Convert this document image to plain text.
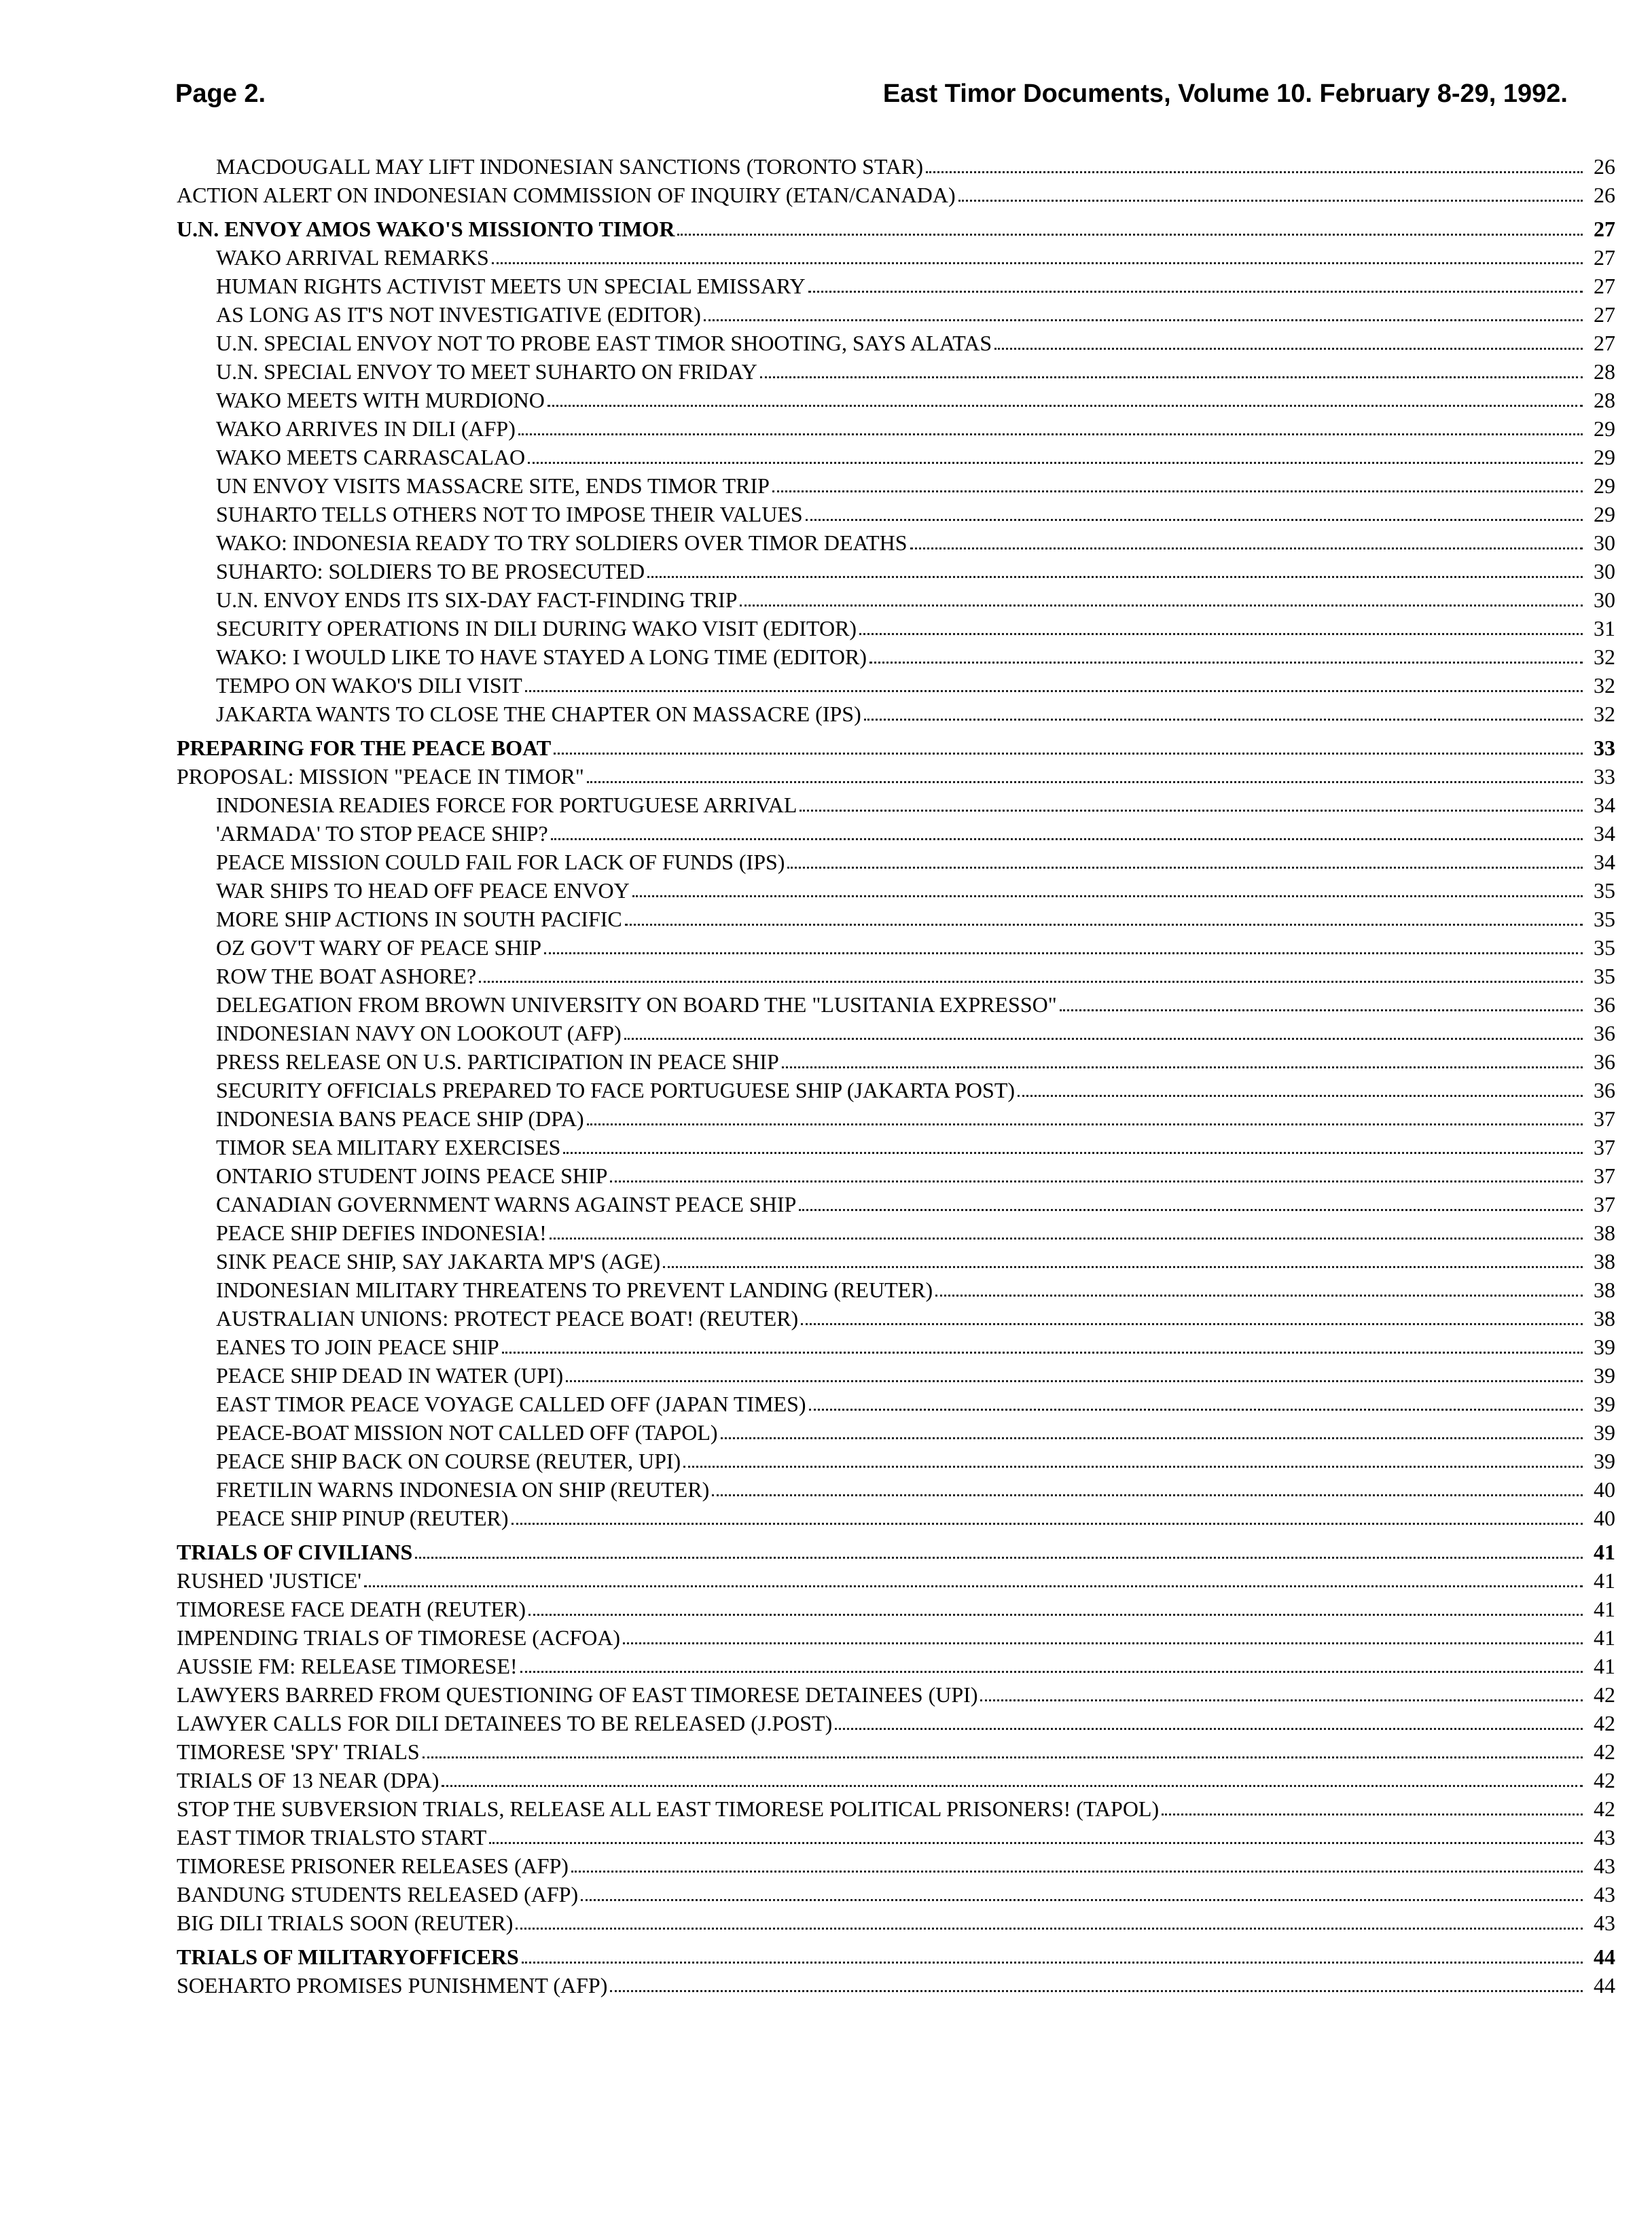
Page 2.	East Timor Documents, Volume 10. February 8-29, 1992.
MACDOUGALL MAY LIFT INDONESIAN SANCTIONS (TORONTO STAR)	26
ACTION ALERT ON INDONESIAN COMMISSION OF INQUIRY (ETAN/CANADA)	26
U.N. ENVOY AMOS WAKO'S MISSIONTO TIMOR	27
WAKO ARRIVAL REMARKS	27
HUMAN RIGHTS ACTIVIST MEETS UN SPECIAL EMISSARY	27
AS LONG AS IT'S NOT INVESTIGATIVE (EDITOR)	27
U.N. SPECIAL ENVOY NOT TO PROBE EAST TIMOR SHOOTING, SAYS ALATAS	27
U.N. SPECIAL ENVOY TO MEET SUHARTO ON FRIDAY	28
WAKO MEETS WITH MURDIONO	28
WAKO ARRIVES IN DILI (AFP)	29
WAKO MEETS CARRASCALAO	29
UN ENVOY VISITS MASSACRE SITE, ENDS TIMOR TRIP	29
SUHARTO TELLS OTHERS NOT TO IMPOSE THEIR VALUES	29
WAKO: INDONESIA READY TO TRY SOLDIERS OVER TIMOR DEATHS	30
SUHARTO: SOLDIERS TO BE PROSECUTED	30
U.N. ENVOY ENDS ITS SIX-DAY FACT-FINDING TRIP	30
SECURITY OPERATIONS IN DILI DURING WAKO VISIT (EDITOR)	31
WAKO: I WOULD LIKE TO HAVE STAYED A LONG TIME (EDITOR)	32
TEMPO ON WAKO'S DILI VISIT	32
JAKARTA WANTS TO CLOSE THE CHAPTER ON MASSACRE (IPS)	32
PREPARING FOR THE PEACE BOAT	33
PROPOSAL: MISSION "PEACE IN TIMOR"	33
INDONESIA READIES FORCE FOR PORTUGUESE ARRIVAL	34
'ARMADA' TO STOP PEACE SHIP?	34
PEACE MISSION COULD FAIL FOR LACK OF FUNDS (IPS)	34
WAR SHIPS TO HEAD OFF PEACE ENVOY	35
MORE SHIP ACTIONS IN SOUTH PACIFIC	35
OZ GOV'T WARY OF PEACE SHIP	35
ROW THE BOAT ASHORE?	35
DELEGATION FROM BROWN UNIVERSITY ON BOARD THE "LUSITANIA EXPRESSO"	36
INDONESIAN NAVY ON LOOKOUT (AFP)	36
PRESS RELEASE ON U.S. PARTICIPATION IN PEACE SHIP	36
SECURITY OFFICIALS PREPARED TO FACE PORTUGUESE SHIP (JAKARTA POST)	36
INDONESIA BANS PEACE SHIP (DPA)	37
TIMOR SEA MILITARY EXERCISES	37
ONTARIO STUDENT JOINS PEACE SHIP	37
CANADIAN GOVERNMENT WARNS AGAINST PEACE SHIP	37
PEACE SHIP DEFIES INDONESIA!	38
SINK PEACE SHIP, SAY JAKARTA MP'S (AGE)	38
INDONESIAN MILITARY THREATENS TO PREVENT LANDING (REUTER)	38
AUSTRALIAN UNIONS: PROTECT PEACE BOAT! (REUTER)	38
EANES TO JOIN PEACE SHIP	39
PEACE SHIP DEAD IN WATER (UPI)	39
EAST TIMOR PEACE VOYAGE CALLED OFF (JAPAN TIMES)	39
PEACE-BOAT MISSION NOT CALLED OFF (TAPOL)	39
PEACE SHIP BACK ON COURSE (REUTER, UPI)	39
FRETILIN WARNS INDONESIA ON SHIP (REUTER)	40
PEACE SHIP PINUP (REUTER)	40
TRIALS OF CIVILIANS	41
RUSHED 'JUSTICE'	41
TIMORESE FACE DEATH (REUTER)	41
IMPENDING TRIALS OF TIMORESE (ACFOA)	41
AUSSIE FM: RELEASE TIMORESE!	41
LAWYERS BARRED FROM QUESTIONING OF EAST TIMORESE DETAINEES (UPI)	42
LAWYER CALLS FOR DILI DETAINEES TO BE RELEASED (J.POST)	42
TIMORESE 'SPY' TRIALS	42
TRIALS OF 13 NEAR (DPA)	42
STOP THE SUBVERSION TRIALS, RELEASE ALL EAST TIMORESE POLITICAL PRISONERS! (TAPOL)	42
EAST TIMOR TRIALSTO START	43
TIMORESE PRISONER RELEASES (AFP)	43
BANDUNG STUDENTS RELEASED (AFP)	43
BIG DILI TRIALS SOON (REUTER)	43
TRIALS OF MILITARYOFFICERS	44
SOEHARTO PROMISES PUNISHMENT (AFP)	44
